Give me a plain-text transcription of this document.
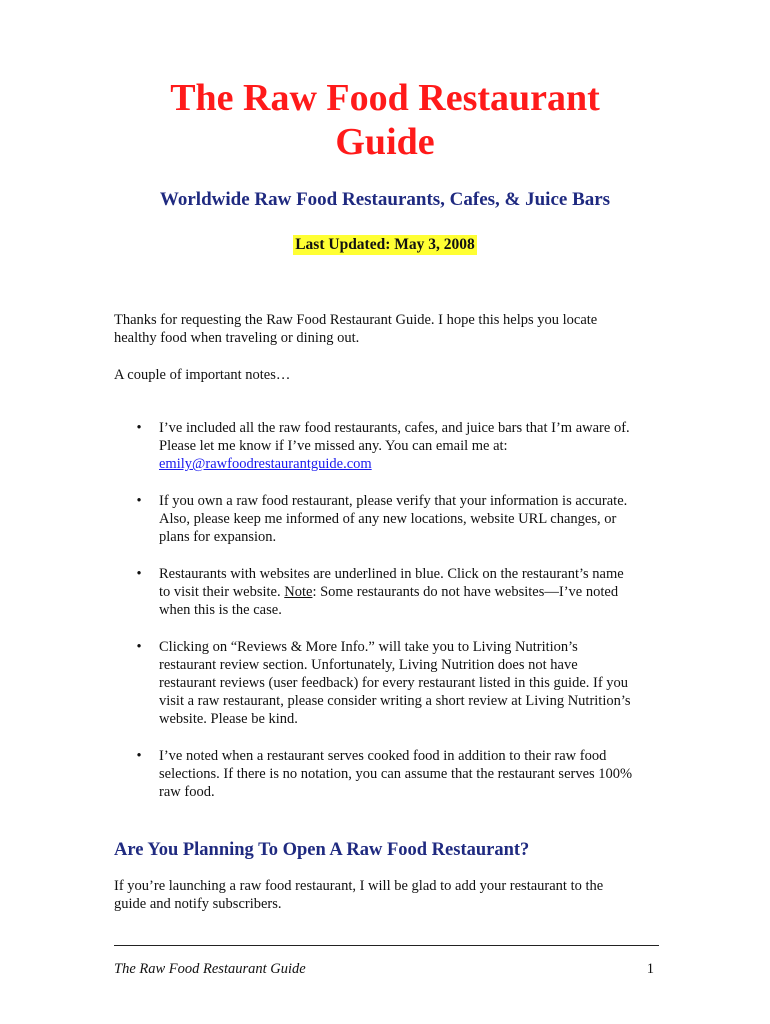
The Raw Food Restaurant
Guide
Worldwide Raw Food Restaurants, Cafes, & Juice Bars
Last Updated: May 3, 2008
Thanks for requesting the Raw Food Restaurant Guide. I hope this helps you locate
healthy food when traveling or dining out.
A couple of important notes…
•	I’ve included all the raw food restaurants, cafes, and juice bars that I’m aware of.
Please let me know if I’ve missed any. You can email me at:
emily@rawfoodrestaurantguide.com
•	If you own a raw food restaurant, please verify that your information is accurate.
Also, please keep me informed of any new locations, website URL changes, or
plans for expansion.
•	Restaurants with websites are underlined in blue. Click on the restaurant’s name
to visit their website. Note: Some restaurants do not have websites—I’ve noted
when this is the case.
•	Clicking on “Reviews & More Info.” will take you to Living Nutrition’s
restaurant review section. Unfortunately, Living Nutrition does not have
restaurant reviews (user feedback) for every restaurant listed in this guide. If you
visit a raw restaurant, please consider writing a short review at Living Nutrition’s
website. Please be kind.
•	I’ve noted when a restaurant serves cooked food in addition to their raw food
selections. If there is no notation, you can assume that the restaurant serves 100%
raw food.
Are You Planning To Open A Raw Food Restaurant?
If you’re launching a raw food restaurant, I will be glad to add your restaurant to the
guide and notify subscribers.
The Raw Food Restaurant Guide	1
